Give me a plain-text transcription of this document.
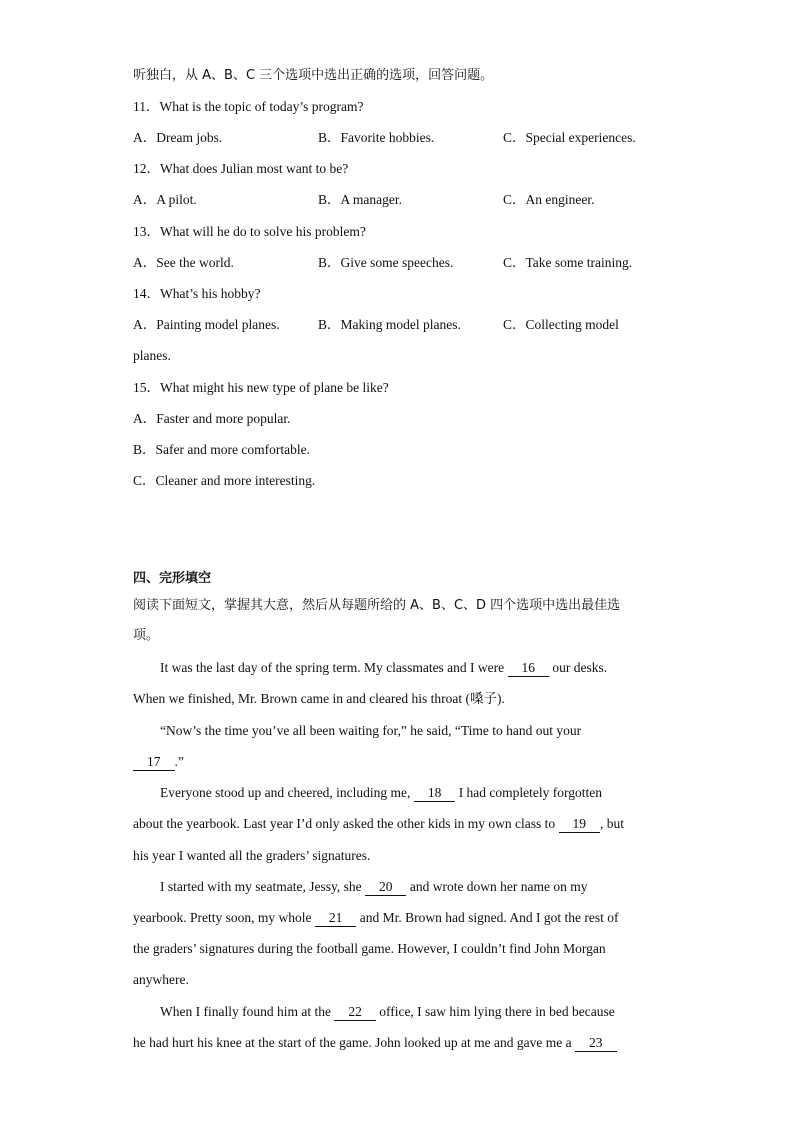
听独白，从 A、B、C 三个选项中选出正确的选项，回答问题。
11．What is the topic of today’s program?
A．Dream jobs.	B．Favorite hobbies.	C．Special experiences.
12．What does Julian most want to be?
A．A pilot.	B．A manager.	C．An engineer.
13．What will he do to solve his problem?
A．See the world.	B．Give some speeches.	C．Take some training.
14．What’s his hobby?
A．Painting model planes.	B．Making model planes.	C．Collecting model
planes.
15．What might his new type of plane be like?
A．Faster and more popular.
B．Safer and more comfortable.
C．Cleaner and more interesting.
四、完形填空
阅读下面短文，掌握其大意，然后从每题所给的 A、B、C、D 四个选项中选出最佳选
项。
It was the last day of the spring term. My classmates and I were 16 our desks.
When we finished, Mr. Brown came in and cleared his throat (嗓子).
“Now’s the time you’ve all been waiting for,” he said, “Time to hand out your
17 .”
Everyone stood up and cheered, including me, 18 I had completely forgotten
about the yearbook. Last year I’d only asked the other kids in my own class to 19 , but
his year I wanted all the graders’ signatures.
I started with my seatmate, Jessy, she 20 and wrote down her name on my
yearbook. Pretty soon, my whole 21 and Mr. Brown had signed. And I got the rest of
the graders’ signatures during the football game. However, I couldn’t find John Morgan
anywhere.
When I finally found him at the 22 office, I saw him lying there in bed because
he had hurt his knee at the start of the game. John looked up at me and gave me a 23
